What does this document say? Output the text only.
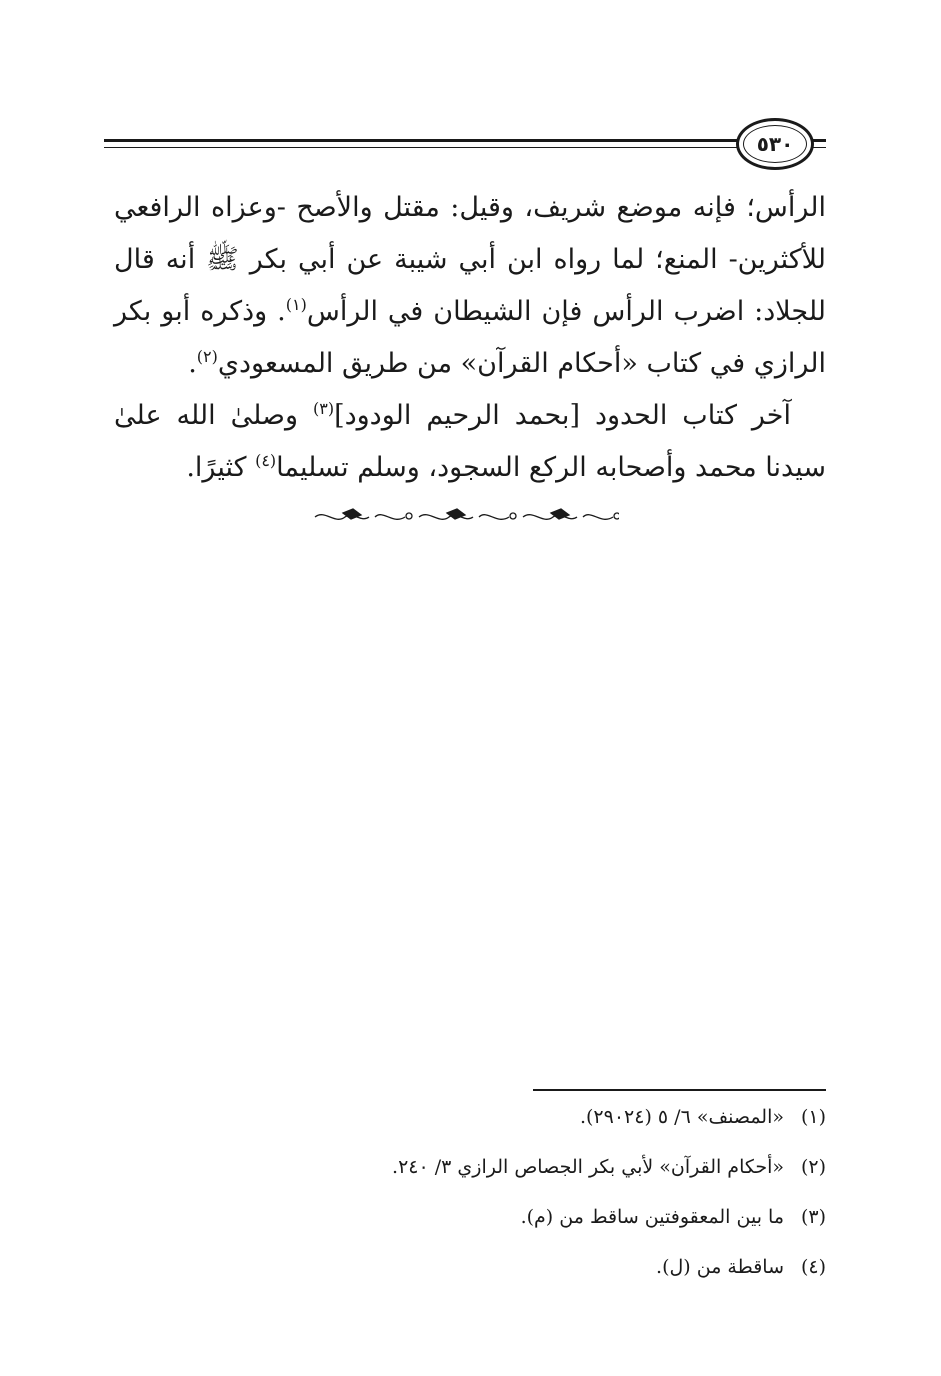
٥٣٠

الرأس؛ فإنه موضع شريف، وقيل: مقتل والأصح -وعزاه الرافعي للأكثرين- المنع؛ لما رواه ابن أبي شيبة عن أبي بكر ﷺ أنه قال للجلاد: اضرب الرأس فإن الشيطان في الرأس$^{(١)}$. وذكره أبو بكر الرازي في كتاب «أحكام القرآن» من طريق المسعودي$^{(٢)}$.

آخر كتاب الحدود [بحمد الرحيم الودود]$^{(٣)}$ وصلىٰ الله علىٰ سيدنا محمد وأصحابه الركع السجود، وسلم تسليما$^{(٤)}$ كثيرًا.

(١)
«المصنف» ٦/ ٥ (٢٩٠٢٤).
(٢)
«أحكام القرآن» لأبي بكر الجصاص الرازي ٣/ ٢٤٠.
(٣)
ما بين المعقوفتين ساقط من (م).
(٤)
ساقطة من (ل).
